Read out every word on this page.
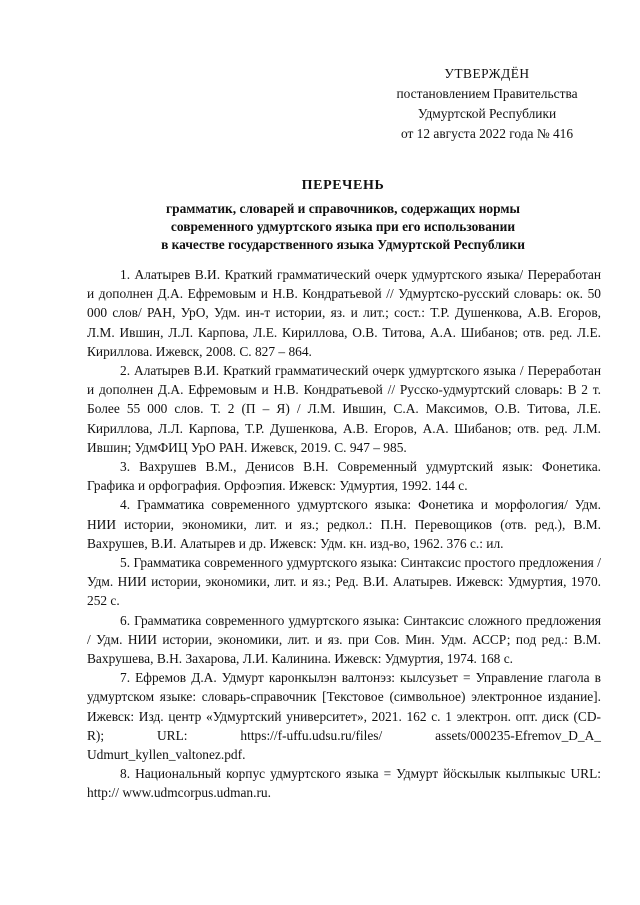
УТВЕРЖДЁН
постановлением Правительства
Удмуртской Республики
от 12 августа 2022 года № 416
ПЕРЕЧЕНЬ
грамматик, словарей и справочников, содержащих нормы
современного удмуртского языка при его использовании
в качестве государственного языка Удмуртской Республики

1. Алатырев В.И. Краткий грамматический очерк удмуртского языка/ Переработан и дополнен Д.А. Ефремовым и Н.В. Кондратьевой // Удмуртско-русский словарь: ок. 50 000 слов/ РАН, УрО, Удм. ин-т истории, яз. и лит.; сост.: Т.Р. Душенкова, А.В. Егоров, Л.М. Ившин, Л.Л. Карпова, Л.Е. Кириллова, О.В. Титова, А.А. Шибанов; отв. ред. Л.Е. Кириллова. Ижевск, 2008. С. 827 – 864.

2. Алатырев В.И. Краткий грамматический очерк удмуртского языка / Переработан и дополнен Д.А. Ефремовым и Н.В. Кондратьевой // Русско-удмуртский словарь: В 2 т. Более 55 000 слов. Т. 2 (П – Я) / Л.М. Ившин, С.А. Максимов, О.В. Титова, Л.Е. Кириллова, Л.Л. Карпова, Т.Р. Душенкова, А.В. Егоров, А.А. Шибанов; отв. ред. Л.М. Ившин; УдмФИЦ УрО РАН. Ижевск, 2019. С. 947 – 985.

3. Вахрушев В.М., Денисов В.Н. Современный удмуртский язык: Фонетика. Графика и орфография. Орфоэпия. Ижевск: Удмуртия, 1992. 144 с.

4. Грамматика современного удмуртского языка: Фонетика и морфология/ Удм. НИИ истории, экономики, лит. и яз.; редкол.: П.Н. Перевощиков (отв. ред.), В.М. Вахрушев, В.И. Алатырев и др. Ижевск: Удм. кн. изд-во, 1962. 376 с.: ил.

5. Грамматика современного удмуртского языка: Синтаксис простого предложения / Удм. НИИ истории, экономики, лит. и яз.; Ред. В.И. Алатырев. Ижевск: Удмуртия, 1970. 252 с.

6. Грамматика современного удмуртского языка: Синтаксис сложного предложения / Удм. НИИ истории, экономики, лит. и яз. при Сов. Мин. Удм. АССР; под ред.: В.М. Вахрушева, В.Н. Захарова, Л.И. Калинина. Ижевск: Удмуртия, 1974. 168 с.

7. Ефремов Д.А. Удмурт каронкылэн валтонэз: кылсузьет = Управление глагола в удмуртском языке: словарь-справочник [Текстовое (символьное) электронное издание]. Ижевск: Изд. центр «Удмуртский университет», 2021. 162 с. 1 электрон. опт. диск (CD-R); URL: https://f-uffu.udsu.ru/files/ assets/000235-Efremov_D_A_ Udmurt_kyllen_valtonez.pdf.

8. Национальный корпус удмуртского языка = Удмурт йӧскылык кылпыкыс URL: http:// www.udmcorpus.udman.ru.
